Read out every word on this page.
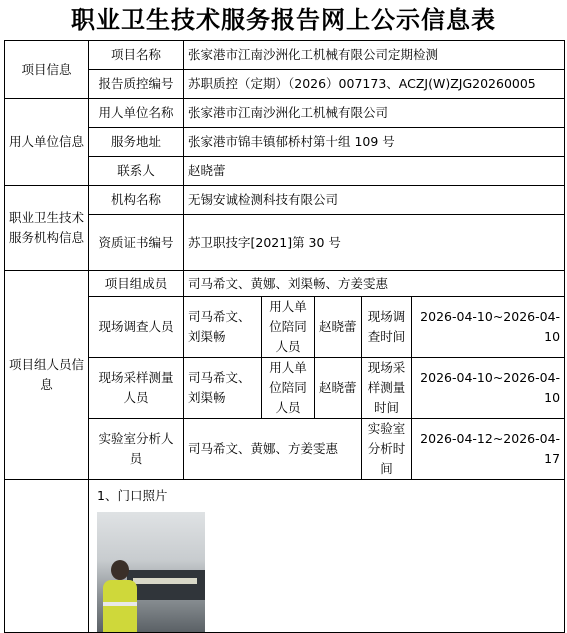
职业卫生技术服务报告网上公示信息表
项目信息	项目名称	张家港市江南沙洲化工机械有限公司定期检测				
	报告质控编号	苏职质控（定期）（2026）007173、ACZJ(W)ZJG20260005				
用人单位信息	用人单位名称	张家港市江南沙洲化工机械有限公司				
	服务地址	张家港市锦丰镇郁桥村第十组 109 号				
	联系人	赵晓蕾				
职业卫生技术服务机构信息	机构名称	无锡安诚检测科技有限公司				
	资质证书编号	苏卫职技字[2021]第 30 号				
项目组人员信息	项目组成员	司马希文、黄娜、刘渠畅、方姜雯惠				
	现场调查人员	司马希文、刘渠畅	用人单位陪同人员	赵晓蕾	现场调查时间	2026-04-10~2026-04-10
	现场采样测量人员	司马希文、刘渠畅	用人单位陪同人员	赵晓蕾	现场采样测量时间	2026-04-10~2026-04-10
	实验室分析人员	司马希文、黄娜、方姜雯惠			实验室分析时间	2026-04-12~2026-04-17

	1、门口照片					
